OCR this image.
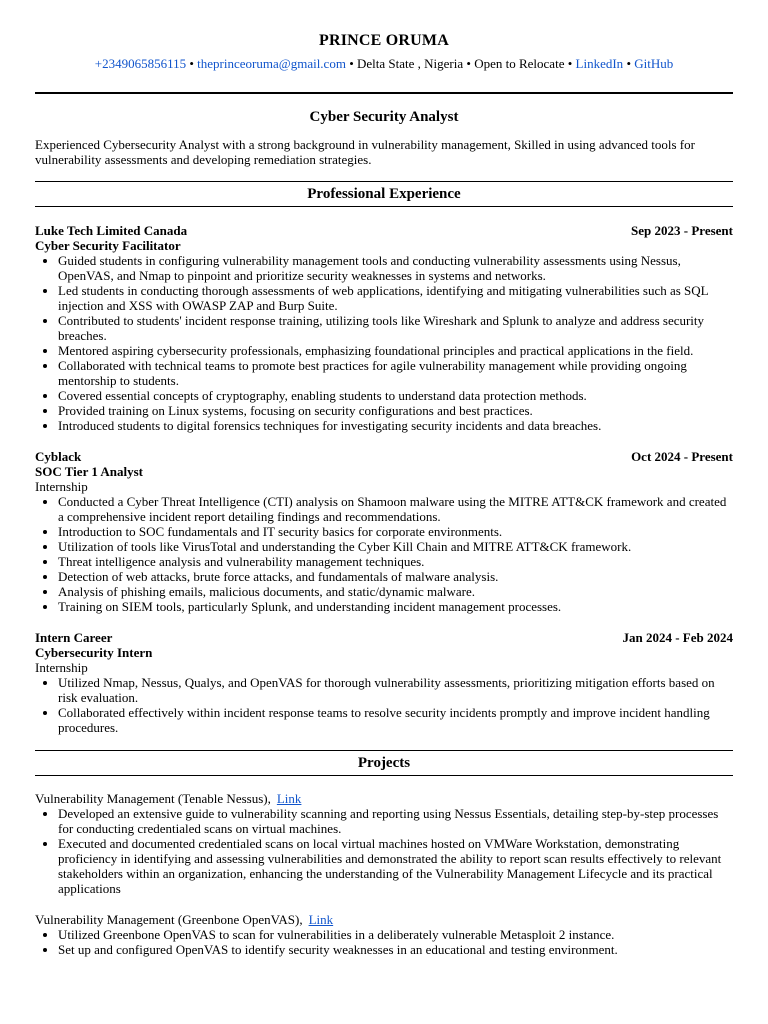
PRINCE ORUMA
+2349065856115 • theprinceoruma@gmail.com • Delta State , Nigeria • Open to Relocate • LinkedIn • GitHub
Cyber Security Analyst
Experienced Cybersecurity Analyst with a strong background in vulnerability management, Skilled in using advanced tools for vulnerability assessments and developing remediation strategies.
Professional Experience
Luke Tech Limited Canada	Sep 2023 - Present
Cyber Security Facilitator
• Guided students in configuring vulnerability management tools and conducting vulnerability assessments using Nessus, OpenVAS, and Nmap to pinpoint and prioritize security weaknesses in systems and networks.
• Led students in conducting thorough assessments of web applications, identifying and mitigating vulnerabilities such as SQL injection and XSS with OWASP ZAP and Burp Suite.
• Contributed to students' incident response training, utilizing tools like Wireshark and Splunk to analyze and address security breaches.
• Mentored aspiring cybersecurity professionals, emphasizing foundational principles and practical applications in the field.
• Collaborated with technical teams to promote best practices for agile vulnerability management while providing ongoing mentorship to students.
• Covered essential concepts of cryptography, enabling students to understand data protection methods.
• Provided training on Linux systems, focusing on security configurations and best practices.
• Introduced students to digital forensics techniques for investigating security incidents and data breaches.
Cyblack	Oct 2024 - Present
SOC Tier 1 Analyst
Internship
• Conducted a Cyber Threat Intelligence (CTI) analysis on Shamoon malware using the MITRE ATT&CK framework and created a comprehensive incident report detailing findings and recommendations.
• Introduction to SOC fundamentals and IT security basics for corporate environments.
• Utilization of tools like VirusTotal and understanding the Cyber Kill Chain and MITRE ATT&CK framework.
• Threat intelligence analysis and vulnerability management techniques.
• Detection of web attacks, brute force attacks, and fundamentals of malware analysis.
• Analysis of phishing emails, malicious documents, and static/dynamic malware.
• Training on SIEM tools, particularly Splunk, and understanding incident management processes.
Intern Career	Jan 2024 - Feb 2024
Cybersecurity Intern
Internship
• Utilized Nmap, Nessus, Qualys, and OpenVAS for thorough vulnerability assessments, prioritizing mitigation efforts based on risk evaluation.
• Collaborated effectively within incident response teams to resolve security incidents promptly and improve incident handling procedures.
Projects
Vulnerability Management (Tenable Nessus), Link
• Developed an extensive guide to vulnerability scanning and reporting using Nessus Essentials, detailing step-by-step processes for conducting credentialed scans on virtual machines.
• Executed and documented credentialed scans on local virtual machines hosted on VMWare Workstation, demonstrating proficiency in identifying and assessing vulnerabilities and demonstrated the ability to report scan results effectively to relevant stakeholders within an organization, enhancing the understanding of the Vulnerability Management Lifecycle and its practical applications
Vulnerability Management (Greenbone OpenVAS), Link
• Utilized Greenbone OpenVAS to scan for vulnerabilities in a deliberately vulnerable Metasploit 2 instance.
• Set up and configured OpenVAS to identify security weaknesses in an educational and testing environment.
